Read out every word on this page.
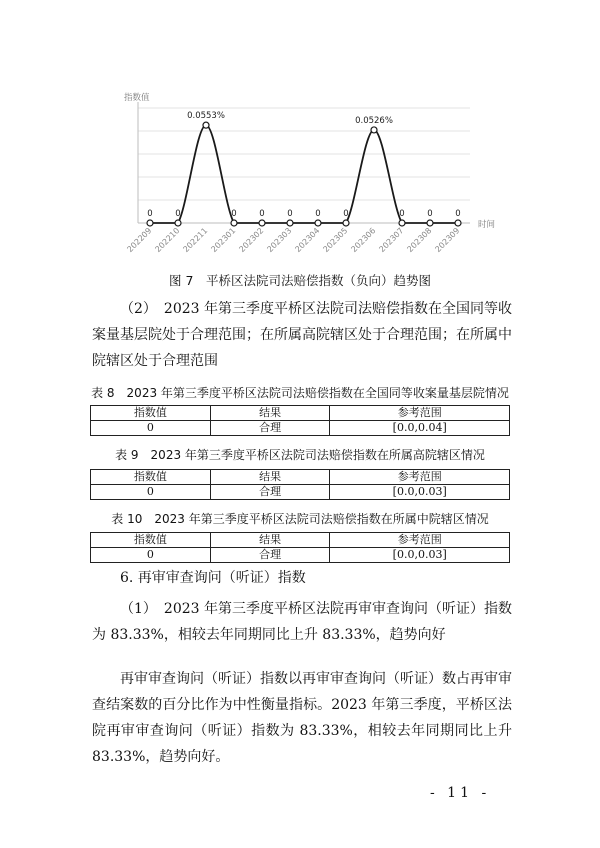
指数值
时间
0
202209
0
202210
0.0553%
202211
0
202301
0
202302
0
202303
0
202304
0
202305
0.0526%
202306
0
202307
0
202308
0
202309
图 7　平桥区法院司法赔偿指数（负向）趋势图
（2）　2023 年第三季度平桥区法院司法赔偿指数在全国同等收案量基层院处于合理范围；在所属高院辖区处于合理范围；在所属中院辖区处于合理范围
表 8　2023 年第三季度平桥区法院司法赔偿指数在全国同等收案量基层院情况
指数值	结果	参考范围
0	合理	[0.0,0.04]
表 9　2023 年第三季度平桥区法院司法赔偿指数在所属高院辖区情况
指数值	结果	参考范围
0	合理	[0.0,0.03]
表 10　2023 年第三季度平桥区法院司法赔偿指数在所属中院辖区情况
指数值	结果	参考范围
0	合理	[0.0,0.03]
6. 再审审查询问（听证）指数
（1）　2023 年第三季度平桥区法院再审审查询问（听证）指数为 83.33%，相较去年同期同比上升 83.33%，趋势向好
再审审查询问（听证）指数以再审审查询问（听证）数占再审审查结案数的百分比作为中性衡量指标。2023 年第三季度，平桥区法院再审审查询问（听证）指数为 83.33%，相较去年同期同比上升 83.33%，趋势向好。
- 11 -
